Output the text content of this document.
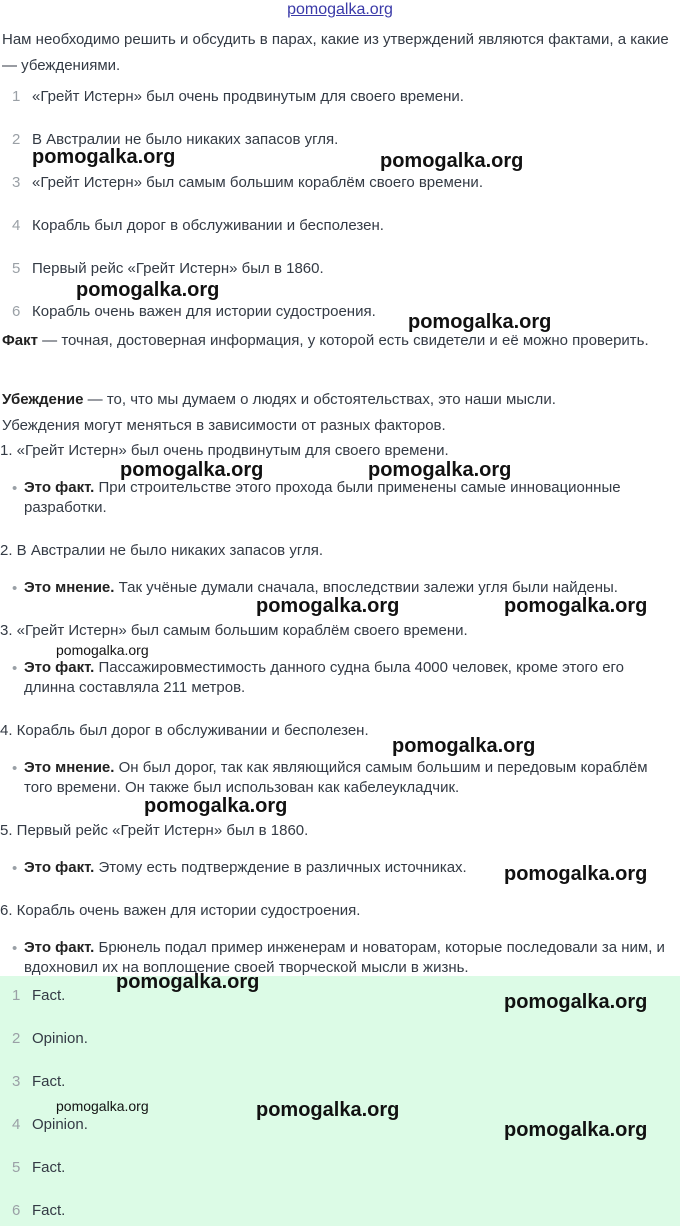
pomogalka.org
Нам необходимо решить и обсудить в парах, какие из утверждений являются фактами, а какие — убеждениями.
1 «Грейт Истерн» был очень продвинутым для своего времени.
2 В Австралии не было никаких запасов угля.
3 «Грейт Истерн» был самым большим кораблём своего времени.
4 Корабль был дорог в обслуживании и бесполезен.
5 Первый рейс «Грейт Истерн» был в 1860.
6 Корабль очень важен для истории судостроения.
Факт — точная, достоверная информация, у которой есть свидетели и её можно проверить.
Убеждение — то, что мы думаем о людях и обстоятельствах, это наши мысли.
Убеждения могут меняться в зависимости от разных факторов.
1. «Грейт Истерн» был очень продвинутым для своего времени.
• Это факт. При строительстве этого прохода были применены самые инновационные разработки.
2. В Австралии не было никаких запасов угля.
• Это мнение. Так учёные думали сначала, впоследствии залежи угля были найдены.
3. «Грейт Истерн» был самым большим кораблём своего времени.
• Это факт. Пассажировместимость данного судна была 4000 человек, кроме этого его длинна составляла 211 метров.
4. Корабль был дорог в обслуживании и бесполезен.
• Это мнение. Он был дорог, так как являющийся самым большим и передовым кораблём того времени. Он также был использован как кабелеукладчик.
5. Первый рейс «Грейт Истерн» был в 1860.
• Это факт. Этому есть подтверждение в различных источниках.
6. Корабль очень важен для истории судостроения.
• Это факт. Брюнель подал пример инженерам и новаторам, которые последовали за ним, и вдохновил их на воплощение своей творческой мысли в жизнь.
1 Fact.
2 Opinion.
3 Fact.
4 Opinion.
5 Fact.
6 Fact.
pomogalka.org	pomogalka.org
pomogalka.org
pomogalka.org
pomogalka.org	pomogalka.org
pomogalka.org	pomogalka.org
pomogalka.org
pomogalka.org
pomogalka.org
pomogalka.org
pomogalka.org
pomogalka.org
pomogalka.org	pomogalka.org
pomogalka.org
